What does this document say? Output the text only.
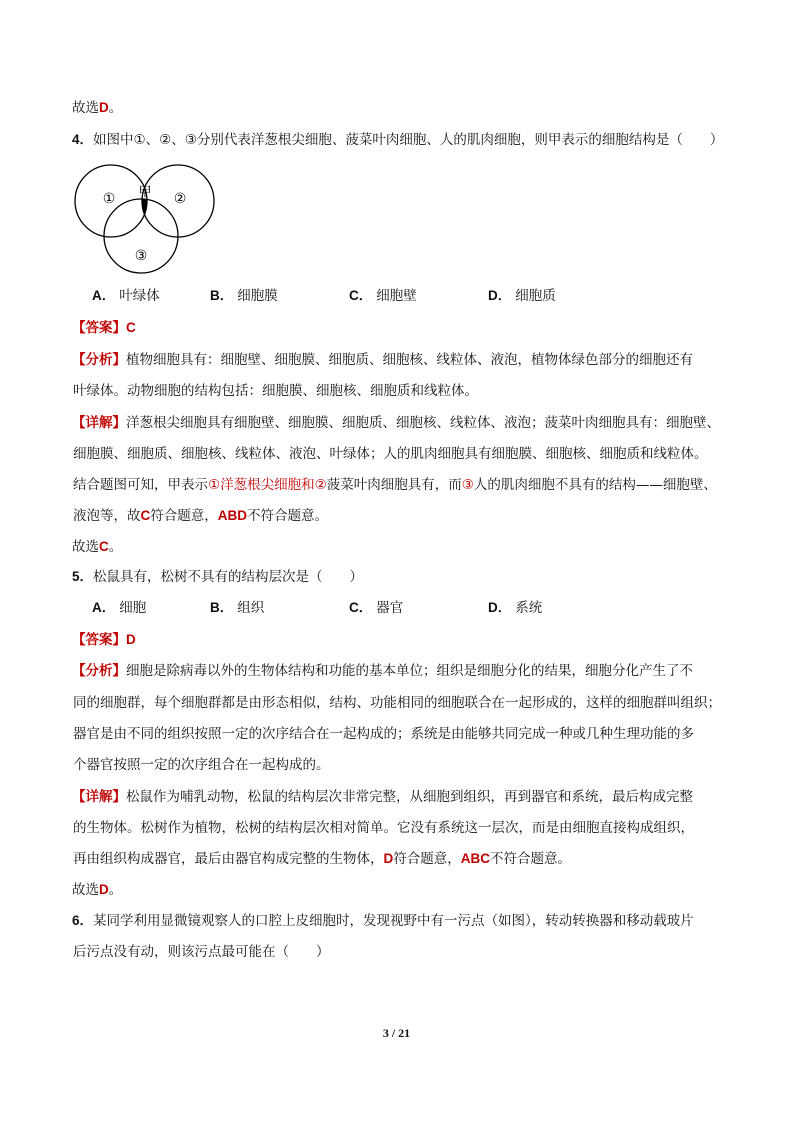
故选D。
4．如图中①、②、③分别代表洋葱根尖细胞、菠菜叶肉细胞、人的肌肉细胞，则甲表示的细胞结构是（　　）
①	②
③
甲
A． 叶绿体	B． 细胞膜	C． 细胞壁	D． 细胞质
【答案】C
【分析】植物细胞具有：细胞壁、细胞膜、细胞质、细胞核、线粒体、液泡，植物体绿色部分的细胞还有
叶绿体。动物细胞的结构包括：细胞膜、细胞核、细胞质和线粒体。
【详解】洋葱根尖细胞具有细胞壁、细胞膜、细胞质、细胞核、线粒体、液泡；菠菜叶肉细胞具有：细胞壁、
细胞膜、细胞质、细胞核、线粒体、液泡、叶绿体；人的肌肉细胞具有细胞膜、细胞核、细胞质和线粒体。
结合题图可知，甲表示①洋葱根尖细胞和②菠菜叶肉细胞具有，而③人的肌肉细胞不具有的结构——细胞壁、
液泡等，故C符合题意，ABD不符合题意。
故选C。
5．松鼠具有，松树不具有的结构层次是（　　）
A． 细胞	B． 组织	C． 器官	D． 系统
【答案】D
【分析】细胞是除病毒以外的生物体结构和功能的基本单位；组织是细胞分化的结果，细胞分化产生了不
同的细胞群，每个细胞群都是由形态相似，结构、功能相同的细胞联合在一起形成的，这样的细胞群叫组织；
器官是由不同的组织按照一定的次序结合在一起构成的；系统是由能够共同完成一种或几种生理功能的多
个器官按照一定的次序组合在一起构成的。
【详解】松鼠作为哺乳动物，松鼠的结构层次非常完整，从细胞到组织，再到器官和系统，最后构成完整
的生物体。松树作为植物，松树的结构层次相对简单。它没有系统这一层次，而是由细胞直接构成组织，
再由组织构成器官，最后由器官构成完整的生物体，D符合题意，ABC不符合题意。
故选D。
6．某同学利用显微镜观察人的口腔上皮细胞时，发现视野中有一污点（如图），转动转换器和移动载玻片
后污点没有动，则该污点最可能在（　　）
3 / 21
